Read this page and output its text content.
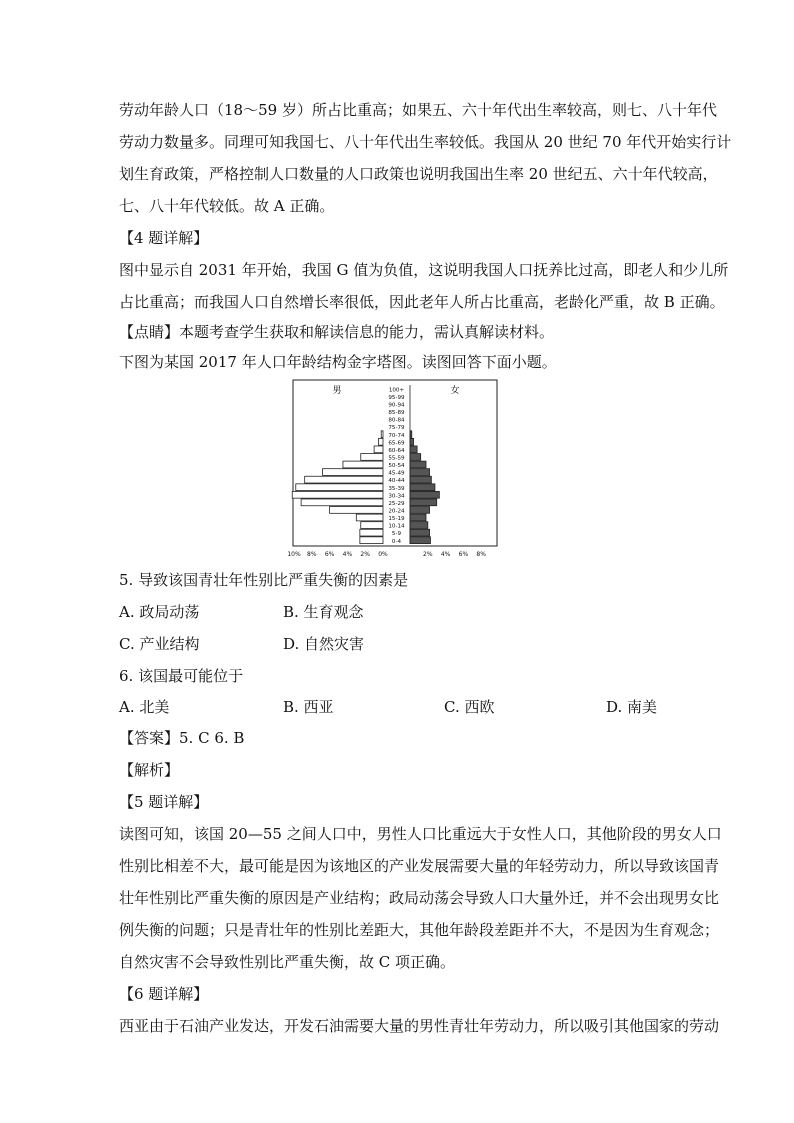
劳动年龄人口（18～59 岁）所占比重高；如果五、六十年代出生率较高，则七、八十年代
劳动力数量多。同理可知我国七、八十年代出生率较低。我国从 20 世纪 70 年代开始实行计
划生育政策，严格控制人口数量的人口政策也说明我国出生率 20 世纪五、六十年代较高，
七、八十年代较低。故 A 正确。
【4 题详解】
图中显示自 2031 年开始，我国 G 值为负值，这说明我国人口抚养比过高，即老人和少儿所
占比重高；而我国人口自然增长率很低，因此老年人所占比重高，老龄化严重，故 B 正确。
【点睛】本题考查学生获取和解读信息的能力，需认真解读材料。
下图为某国 2017 年人口年龄结构金字塔图。读图回答下面小题。
5. 导致该国青壮年性别比严重失衡的因素是
A. 政局动荡	B. 生育观念
C. 产业结构	D. 自然灾害
6. 该国最可能位于
A. 北美	B. 西亚	C. 西欧	D. 南美
【答案】5. C 6. B
【解析】
【5 题详解】
读图可知，该国 20—55 之间人口中，男性人口比重远大于女性人口，其他阶段的男女人口
性别比相差不大，最可能是因为该地区的产业发展需要大量的年轻劳动力，所以导致该国青
壮年性别比严重失衡的原因是产业结构；政局动荡会导致人口大量外迁，并不会出现男女比
例失衡的问题；只是青壮年的性别比差距大，其他年龄段差距并不大，不是因为生育观念；
自然灾害不会导致性别比严重失衡，故 C 项正确。
【6 题详解】
西亚由于石油产业发达，开发石油需要大量的男性青壮年劳动力，所以吸引其他国家的劳动
男	女
100+
95-99
90-94
85-89
80-84
75-79
70-74
65-69
60-64
55-59
50-54
45-49
40-44
35-39
30-34
25-29
20-24
15-19
10-14
5-9
0-4
10% 8% 6% 4% 2% 0%	2% 4% 6% 8%
